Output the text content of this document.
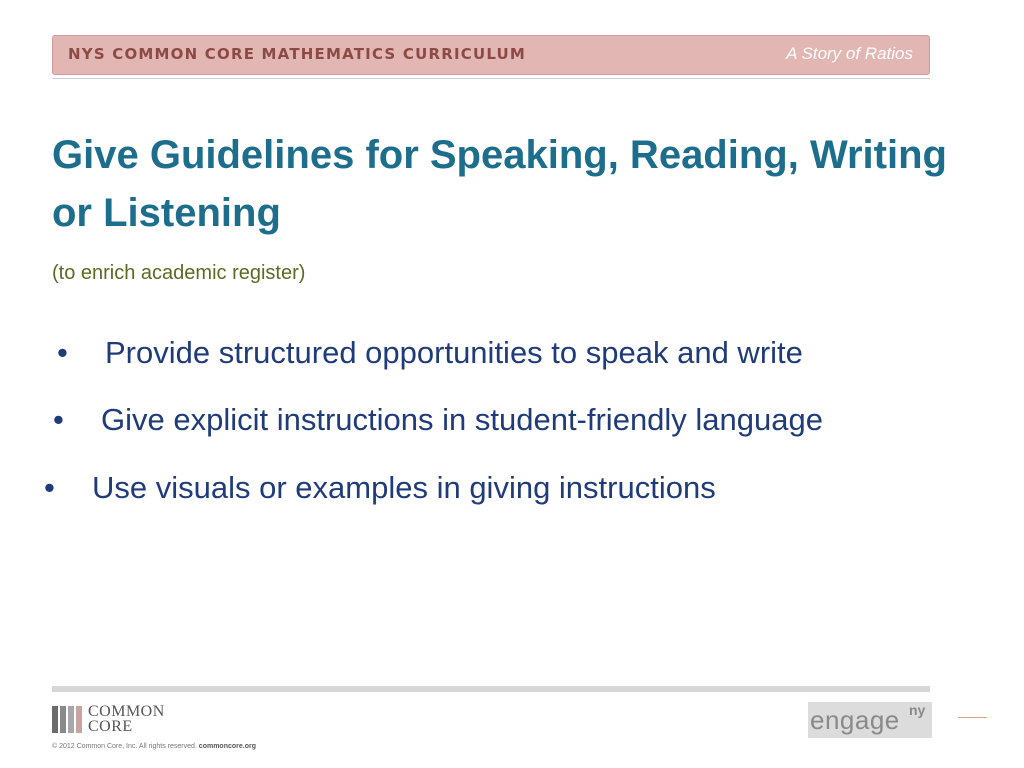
NYS COMMON CORE MATHEMATICS CURRICULUM	A Story of Ratios
Give Guidelines for Speaking, Reading, Writing or Listening
(to enrich academic register)
• Provide structured opportunities to speak and write
• Give explicit instructions in student-friendly language
• Use visuals or examples in giving instructions
COMMON
CORE
© 2012 Common Core, Inc. All rights reserved. commoncore.org
engage ny
